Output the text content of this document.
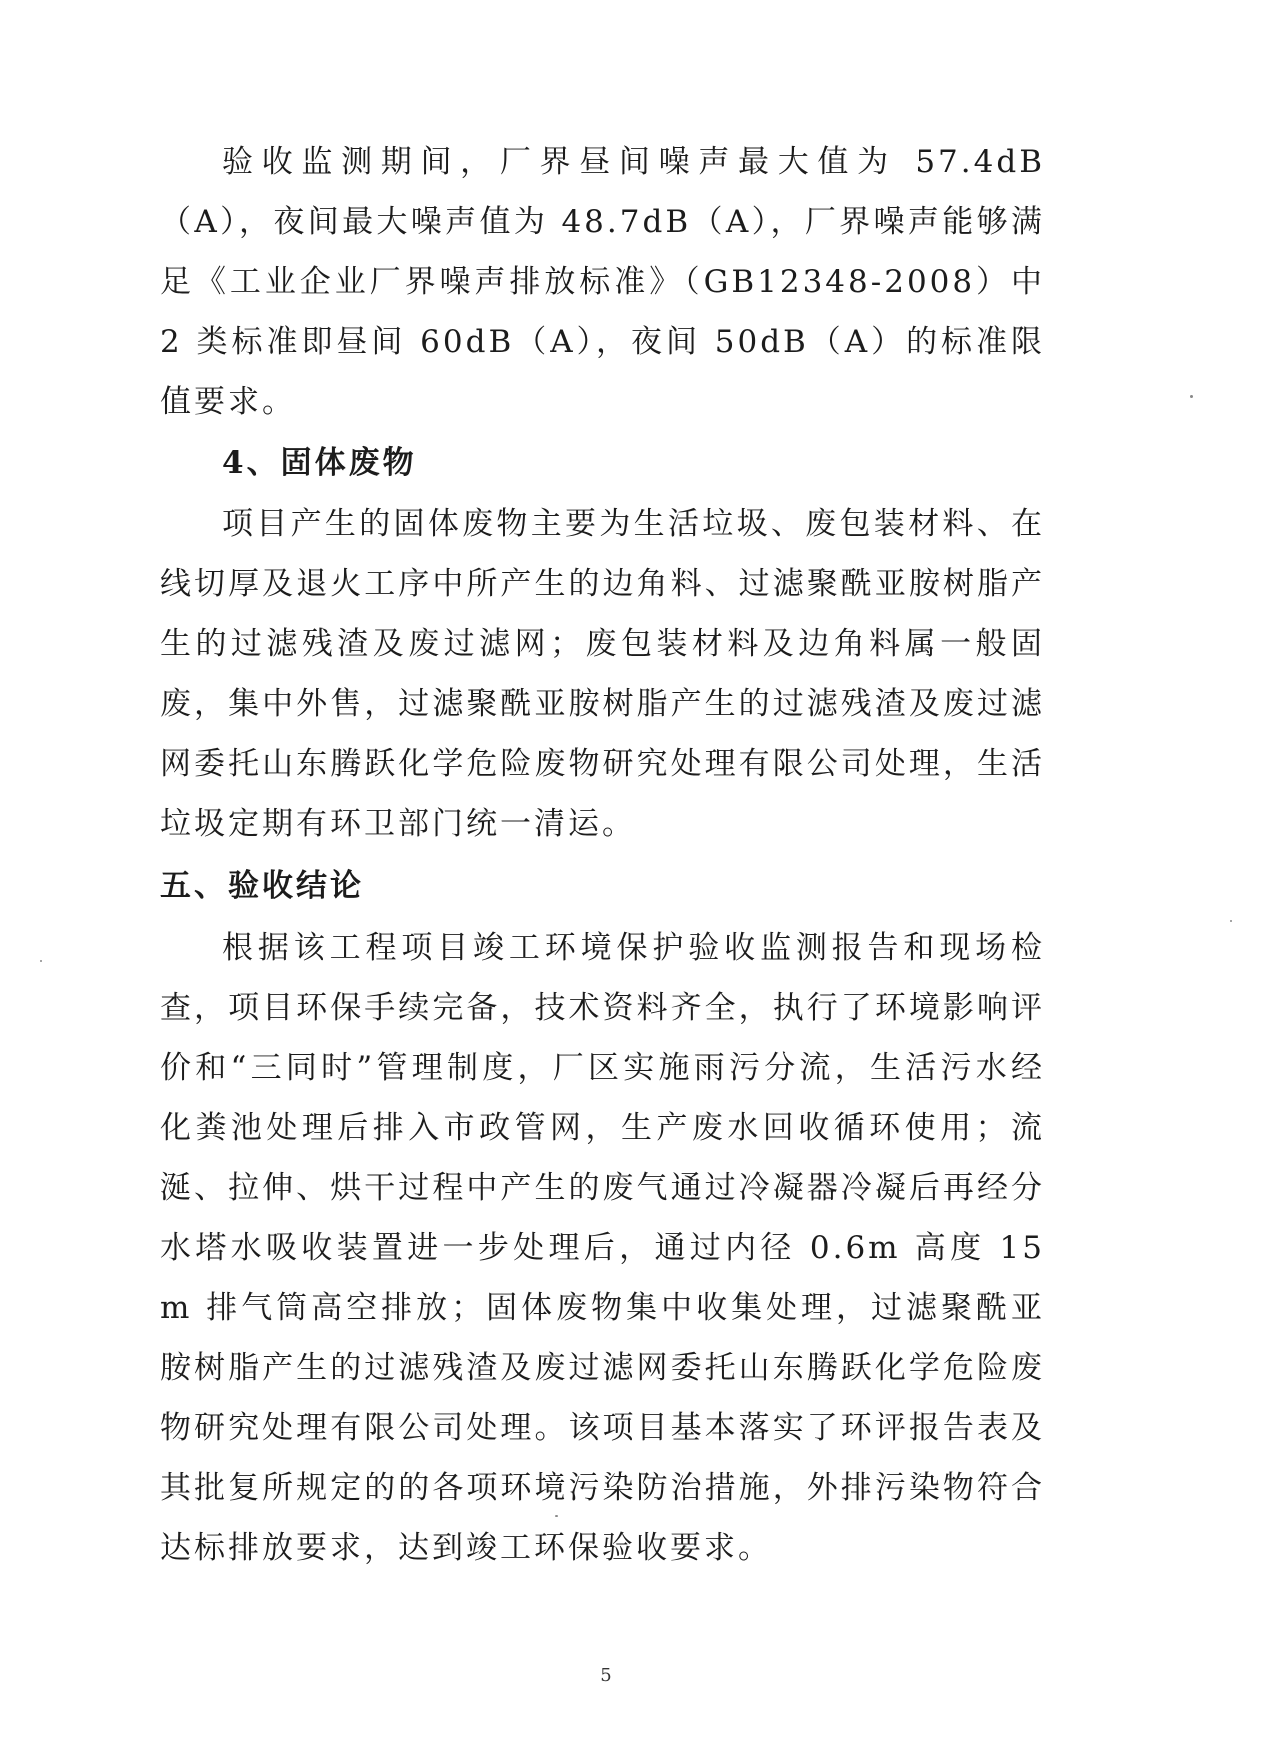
验收监测期间，厂界昼间噪声最大值为 57.4dB（A），夜间最大噪声值为 48.7dB（A），厂界噪声能够满足《工业企业厂界噪声排放标准》（GB12348-2008）中 2 类标准即昼间 60dB（A），夜间 50dB（A）的标准限值要求。

4、固体废物

项目产生的固体废物主要为生活垃圾、废包装材料、在线切厚及退火工序中所产生的边角料、过滤聚酰亚胺树脂产生的过滤残渣及废过滤网；废包装材料及边角料属一般固废，集中外售，过滤聚酰亚胺树脂产生的过滤残渣及废过滤网委托山东腾跃化学危险废物研究处理有限公司处理，生活垃圾定期有环卫部门统一清运。

五、验收结论

根据该工程项目竣工环境保护验收监测报告和现场检查，项目环保手续完备，技术资料齐全，执行了环境影响评价和“三同时”管理制度，厂区实施雨污分流，生活污水经化粪池处理后排入市政管网，生产废水回收循环使用；流涎、拉伸、烘干过程中产生的废气通过冷凝器冷凝后再经分水塔水吸收装置进一步处理后，通过内径 0.6m 高度 15m 排气筒高空排放；固体废物集中收集处理，过滤聚酰亚胺树脂产生的过滤残渣及废过滤网委托山东腾跃化学危险废物研究处理有限公司处理。该项目基本落实了环评报告表及其批复所规定的的各项环境污染防治措施，外排污染物符合达标排放要求，达到竣工环保验收要求。

5
